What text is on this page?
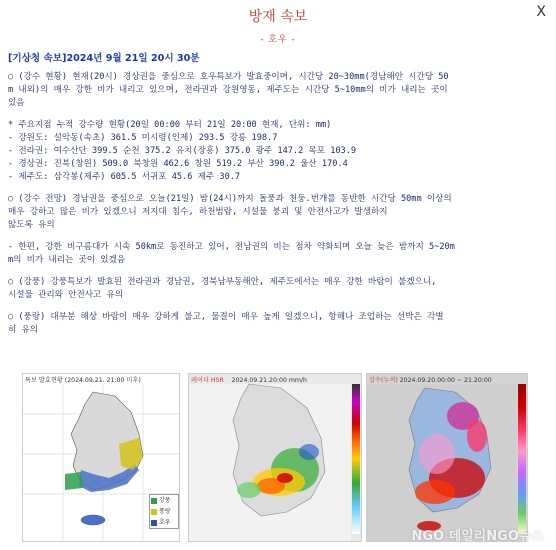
방재 속보	X
- 호우 -
[기상청 속보]2024년 9월 21일 20시 30분
○ (강수 현황) 현재(20시) 경상권을 중심으로 호우특보가 발효중이며, 시간당 20~30mm(경남해안 시간당 50
m 내외)의 매우 강한 비가 내리고 있으며, 전라권과 강원영동, 제주도는 시간당 5~10mm의 비가 내리는 곳이
있음
* 주요지점 누적 강수량 현황(20일 00:00 부터 21일 20:00 현재, 단위: mm)
- 강원도: 설악동(속초) 361.5 미시령(인제) 293.5 강릉 198.7
- 전라권: 여수산단 399.5 순천 375.2 유치(장흥) 375.0 광주 147.2 목포 103.9
- 경상권: 진북(창원) 509.0 북창원 462.6 창원 519.2 부산 390.2 울산 170.4
- 제주도: 삼각봉(제주) 605.5 서귀포 45.6 제주 30.7
○ (강수 전망) 경남권을 중심으로 오늘(21일) 밤(24시)까지 돌풍과 천둥.번개를 동반한 시간당 50mm 이상의
매우 강하고 많은 비가 있겠으니 저지대 침수, 하천범람, 시설물 붕괴 및 안전사고가 발생하지
않도록 유의
- 한편, 강한 비구름대가 시속 50km로 동진하고 있어, 전남권의 비는 점차 약화되며 오늘 늦은 밤까지 5~20m
m의 비가 내리는 곳이 있겠음
○ (강풍) 강풍특보가 발효된 전라권과 경남권, 경북남부동해안, 제주도에서는 매우 강한 바람이 불겠으니,
시설물 관리와 안전사고 유의
○ (풍랑) 대부분 해상 바람이 매우 강하게 불고, 물결이 매우 높게 일겠으니, 항해나 조업하는 선박은 각별
히 유의
특보 발효현황 (2024.09.21. 21:00 미후)
강풍
풍랑
호우
레이더 HSR 2024.09.21.20:00 mm/h	강수(누적) 2024.09.20.00:00 ~ 21.20:00
NGO 데일리NGO뉴스
